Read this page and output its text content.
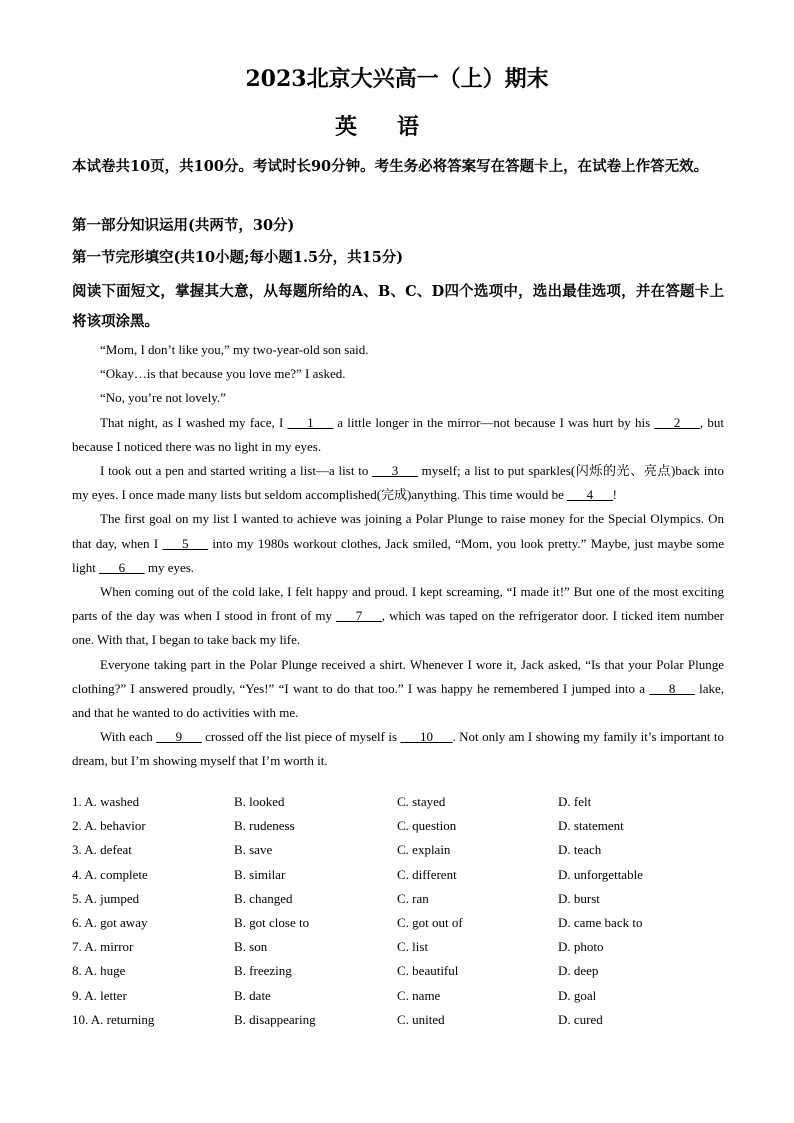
2023北京大兴高一（上）期末
英语
本试卷共10页，共100分。考试时长90分钟。考生务必将答案写在答题卡上，在试卷上作答无效。
第一部分知识运用(共两节，30分)
第一节完形填空(共10小题;每小题1.5分，共15分)
阅读下面短文，掌握其大意，从每题所给的A、B、C、D四个选项中，选出最佳选项，并在答题卡上将该项涂黑。

“Mom, I don’t like you,” my two-year-old son said.

“Okay…is that because you love me?” I asked.

“No, you’re not lovely.”

That night, as I washed my face, I ___1___ a little longer in the mirror—not because I was hurt by his ___2___, but because I noticed there was no light in my eyes.

I took out a pen and started writing a list—a list to ___3___ myself; a list to put sparkles(闪烁的光、亮点)back into my eyes. I once made many lists but seldom accomplished(完成)anything. This time would be ___4___!

The first goal on my list I wanted to achieve was joining a Polar Plunge to raise money for the Special Olympics. On that day, when I ___5___ into my 1980s workout clothes, Jack smiled, “Mom, you look pretty.” Maybe, just maybe some light ___6___ my eyes.

When coming out of the cold lake, I felt happy and proud. I kept screaming, “I made it!” But one of the most exciting parts of the day was when I stood in front of my ___7___, which was taped on the refrigerator door. I ticked item number one. With that, I began to take back my life.

Everyone taking part in the Polar Plunge received a shirt. Whenever I wore it, Jack asked, “Is that your Polar Plunge clothing?” I answered proudly, “Yes!” “I want to do that too.” I was happy he remembered I jumped into a ___8___ lake, and that he wanted to do activities with me.

With each ___9___ crossed off the list piece of myself is ___10___. Not only am I showing my family it’s important to dream, but I’m showing myself that I’m worth it.

1. A. washed	B. looked	C. stayed	D. felt
2. A. behavior	B. rudeness	C. question	D. statement
3. A. defeat	B. save	C. explain	D. teach
4. A. complete	B. similar	C. different	D. unforgettable
5. A. jumped	B. changed	C. ran	D. burst
6. A. got away	B. got close to	C. got out of	D. came back to
7. A. mirror	B. son	C. list	D. photo
8. A. huge	B. freezing	C. beautiful	D. deep
9. A. letter	B. date	C. name	D. goal
10. A. returning	B. disappearing	C. united	D. cured
